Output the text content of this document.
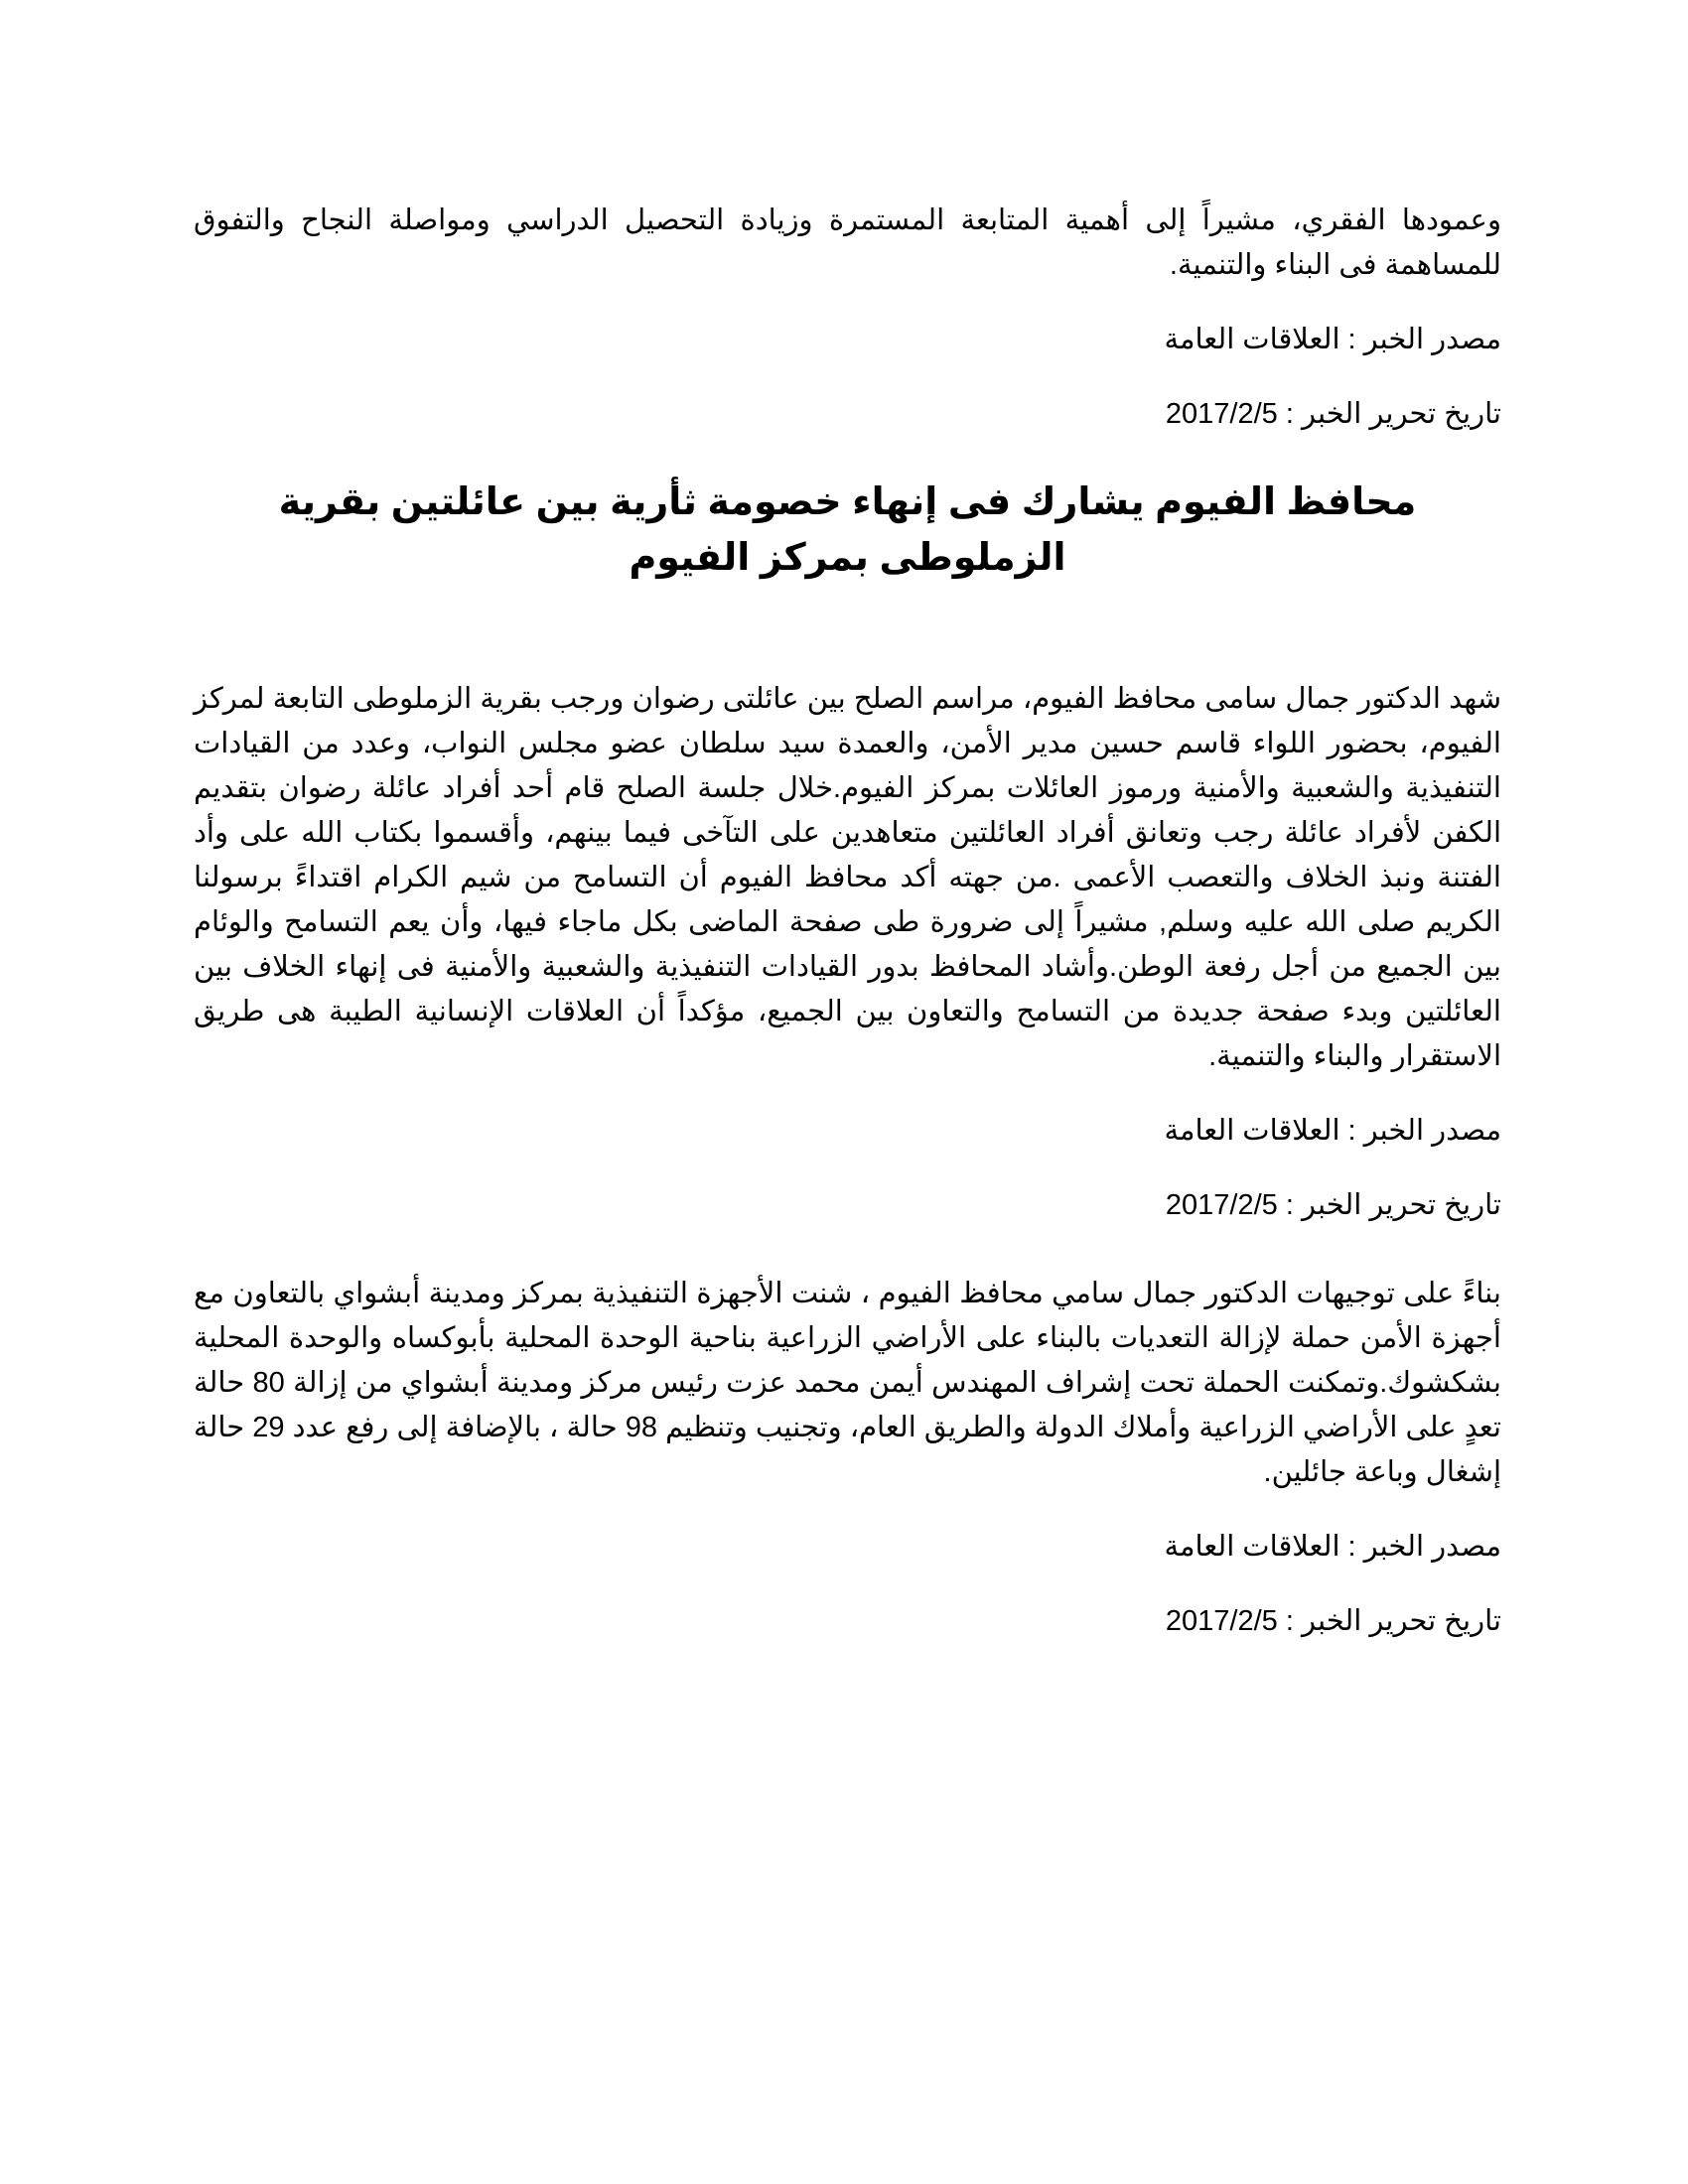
وعمودها الفقري، مشيراً إلى أهمية المتابعة المستمرة وزيادة التحصيل الدراسي ومواصلة النجاح والتفوق للمساهمة فى البناء والتنمية.

مصدر الخبر : العلاقات العامة

تاريخ تحرير الخبر : 2017/2/5

محافظ الفيوم يشارك فى إنهاء خصومة ثأرية بين عائلتين بقرية الزملوطى بمركز الفيوم

شهد الدكتور جمال سامى محافظ الفيوم، مراسم الصلح بين عائلتى رضوان ورجب بقرية الزملوطى التابعة لمركز الفيوم، بحضور اللواء قاسم حسين مدير الأمن، والعمدة سيد سلطان عضو مجلس النواب، وعدد من القيادات التنفيذية والشعبية والأمنية ورموز العائلات بمركز الفيوم.خلال جلسة الصلح قام أحد أفراد عائلة رضوان بتقديم الكفن لأفراد عائلة رجب وتعانق أفراد العائلتين متعاهدين على التآخى فيما بينهم، وأقسموا بكتاب الله على وأد الفتنة ونبذ الخلاف والتعصب الأعمى .من جهته أكد محافظ الفيوم أن التسامح من شيم الكرام اقتداءً برسولنا الكريم صلى الله عليه وسلم, مشيراً إلى ضرورة طى صفحة الماضى بكل ماجاء فيها، وأن يعم التسامح والوئام بين الجميع من أجل رفعة الوطن.وأشاد المحافظ بدور القيادات التنفيذية والشعبية والأمنية فى إنهاء الخلاف بين العائلتين وبدء صفحة جديدة من التسامح والتعاون بين الجميع، مؤكداً أن العلاقات الإنسانية الطيبة هى طريق الاستقرار والبناء والتنمية.

مصدر الخبر : العلاقات العامة

تاريخ تحرير الخبر : 2017/2/5

بناءً على توجيهات الدكتور جمال سامي محافظ الفيوم ، شنت الأجهزة التنفيذية بمركز ومدينة أبشواي بالتعاون مع أجهزة الأمن حملة لإزالة التعديات بالبناء على الأراضي الزراعية بناحية الوحدة المحلية بأبوكساه والوحدة المحلية بشكشوك.وتمكنت الحملة تحت إشراف المهندس أيمن محمد عزت رئيس مركز ومدينة أبشواي من إزالة 80 حالة تعدٍ على الأراضي الزراعية وأملاك الدولة والطريق العام، وتجنيب وتنظيم 98 حالة ، بالإضافة إلى رفع عدد 29 حالة إشغال وباعة جائلين.

مصدر الخبر : العلاقات العامة

تاريخ تحرير الخبر : 2017/2/5
